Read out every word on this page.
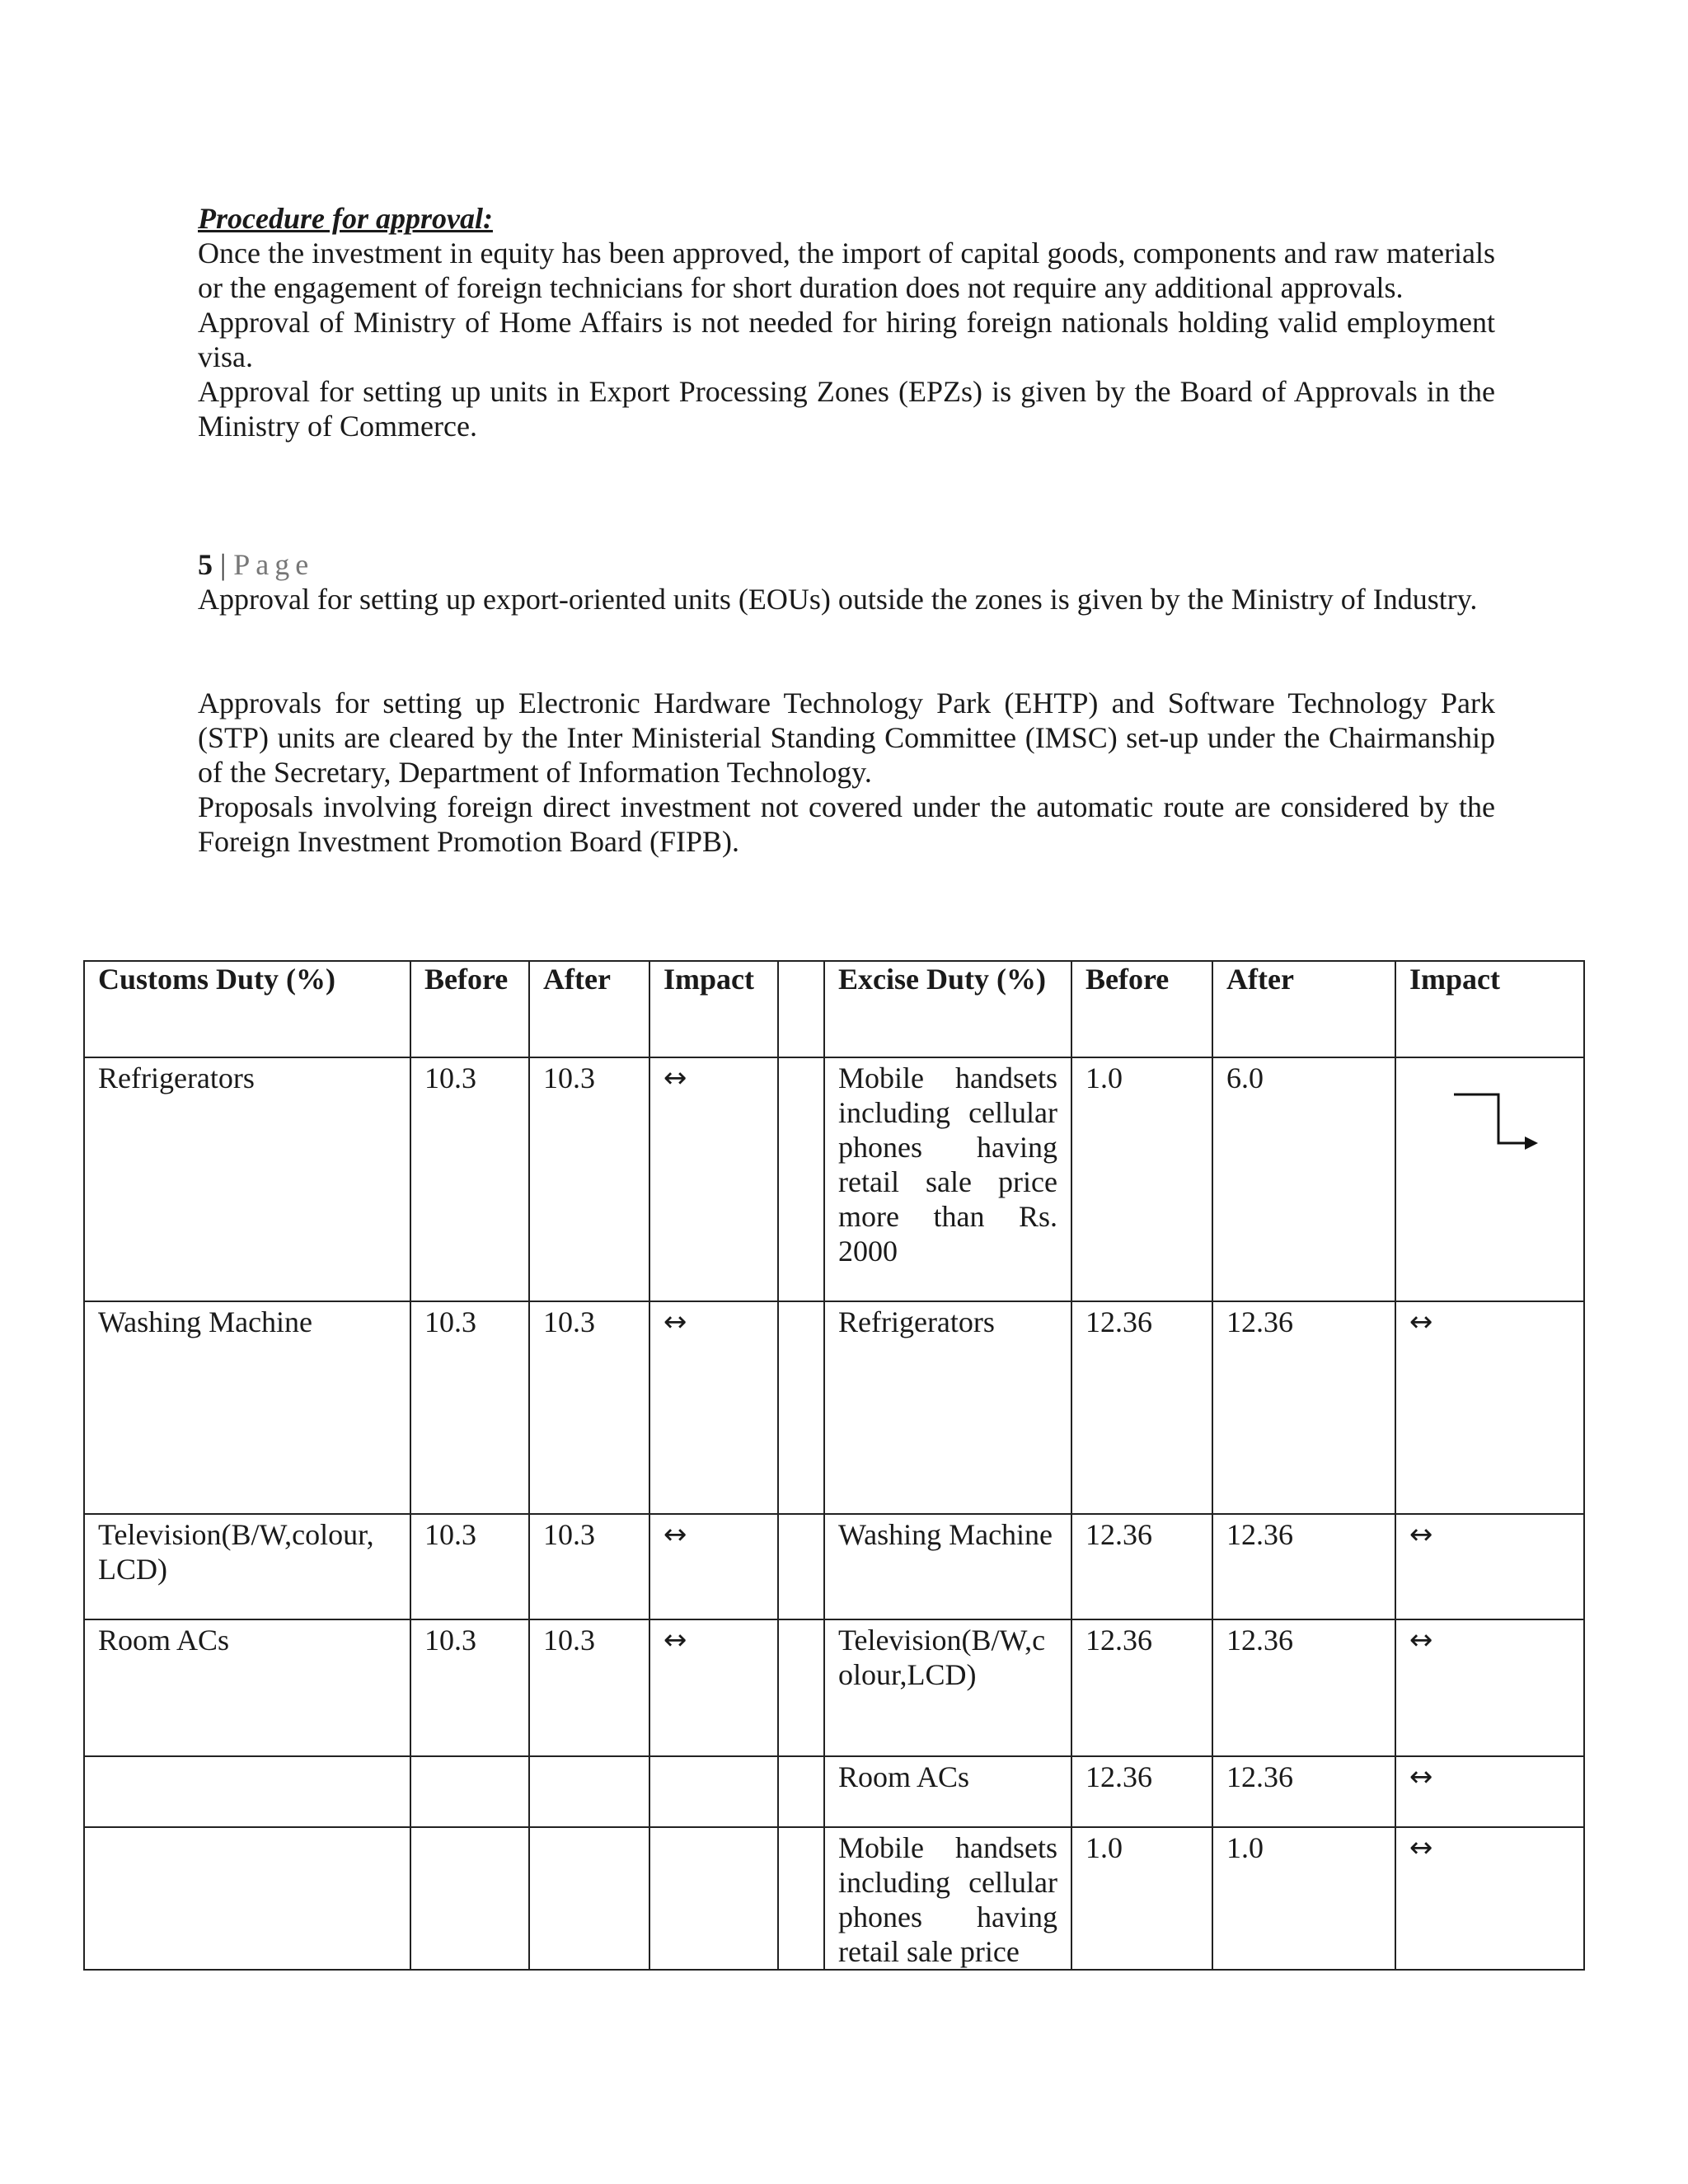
Procedure for approval:

Once the investment in equity has been approved, the import of capital goods, components and raw materials or the engagement of foreign technicians for short duration does not require any additional approvals.

Approval of Ministry of Home Affairs is not needed for hiring foreign nationals holding valid employment visa.

Approval for setting up units in Export Processing Zones (EPZs) is given by the Board of Approvals in the Ministry of Commerce.

5 | Page

Approval for setting up export-oriented units (EOUs) outside the zones is given by the Ministry of Industry.

Approvals for setting up Electronic Hardware Technology Park (EHTP) and Software Technology Park (STP) units are cleared by the Inter Ministerial Standing Committee (IMSC) set-up under the Chairmanship of the Secretary, Department of Information Technology.

Proposals involving foreign direct investment not covered under the automatic route are considered by the Foreign Investment Promotion Board (FIPB).

Customs Duty (%)	Before	After	Impact		Excise Duty (%)	Before	After	Impact
Refrigerators	10.3	10.3	↔		Mobile handsets including cellular phones having retail sale price more than Rs. 2000	1.0	6.0	

Washing Machine	10.3	10.3	↔		Refrigerators	12.36	12.36	↔
Television(B/W,colour, LCD)	10.3	10.3	↔		Washing Machine	12.36	12.36	↔
Room ACs	10.3	10.3	↔		Television(B/W,colour,LCD)	12.36	12.36	↔
					Room ACs	12.36	12.36	↔
					Mobile handsets including cellular phones having retail sale price	1.0	1.0	↔
